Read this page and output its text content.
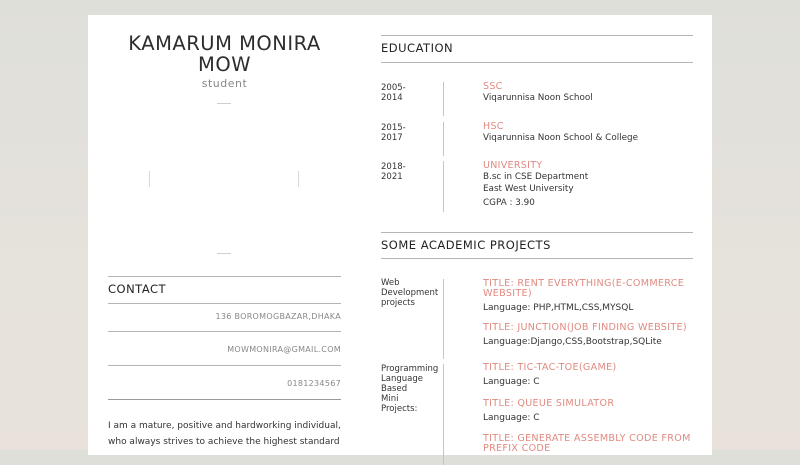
KAMARUM MONIRA MOW
student
CONTACT
136 BOROMOGBAZAR,DHAKA
MOWMONIRA@GMAIL.COM
0181234567
I am a mature, positive and hardworking individual, who always strives to achieve the highest standard
EDUCATION
2005-
2014
SSC
Viqarunnisa Noon School
2015-
2017
HSC
Viqarunnisa Noon School & College
2018-
2021
UNIVERSITY
B.sc in CSE Department
East West University
CGPA : 3.90
SOME ACADEMIC PROJECTS
Web
Development
projects
TITLE: RENT EVERYTHING(E-COMMERCE WEBSITE)
Language: PHP,HTML,CSS,MYSQL
TITLE: JUNCTION(JOB FINDING WEBSITE)
Language:Django,CSS,Bootstrap,SQLite
Programming
Language
Based
Mini
Projects:
TITLE: TIC-TAC-TOE(GAME)
Language: C
TITLE: QUEUE SIMULATOR
Language: C
TITLE: GENERATE ASSEMBLY CODE FROM PREFIX CODE
